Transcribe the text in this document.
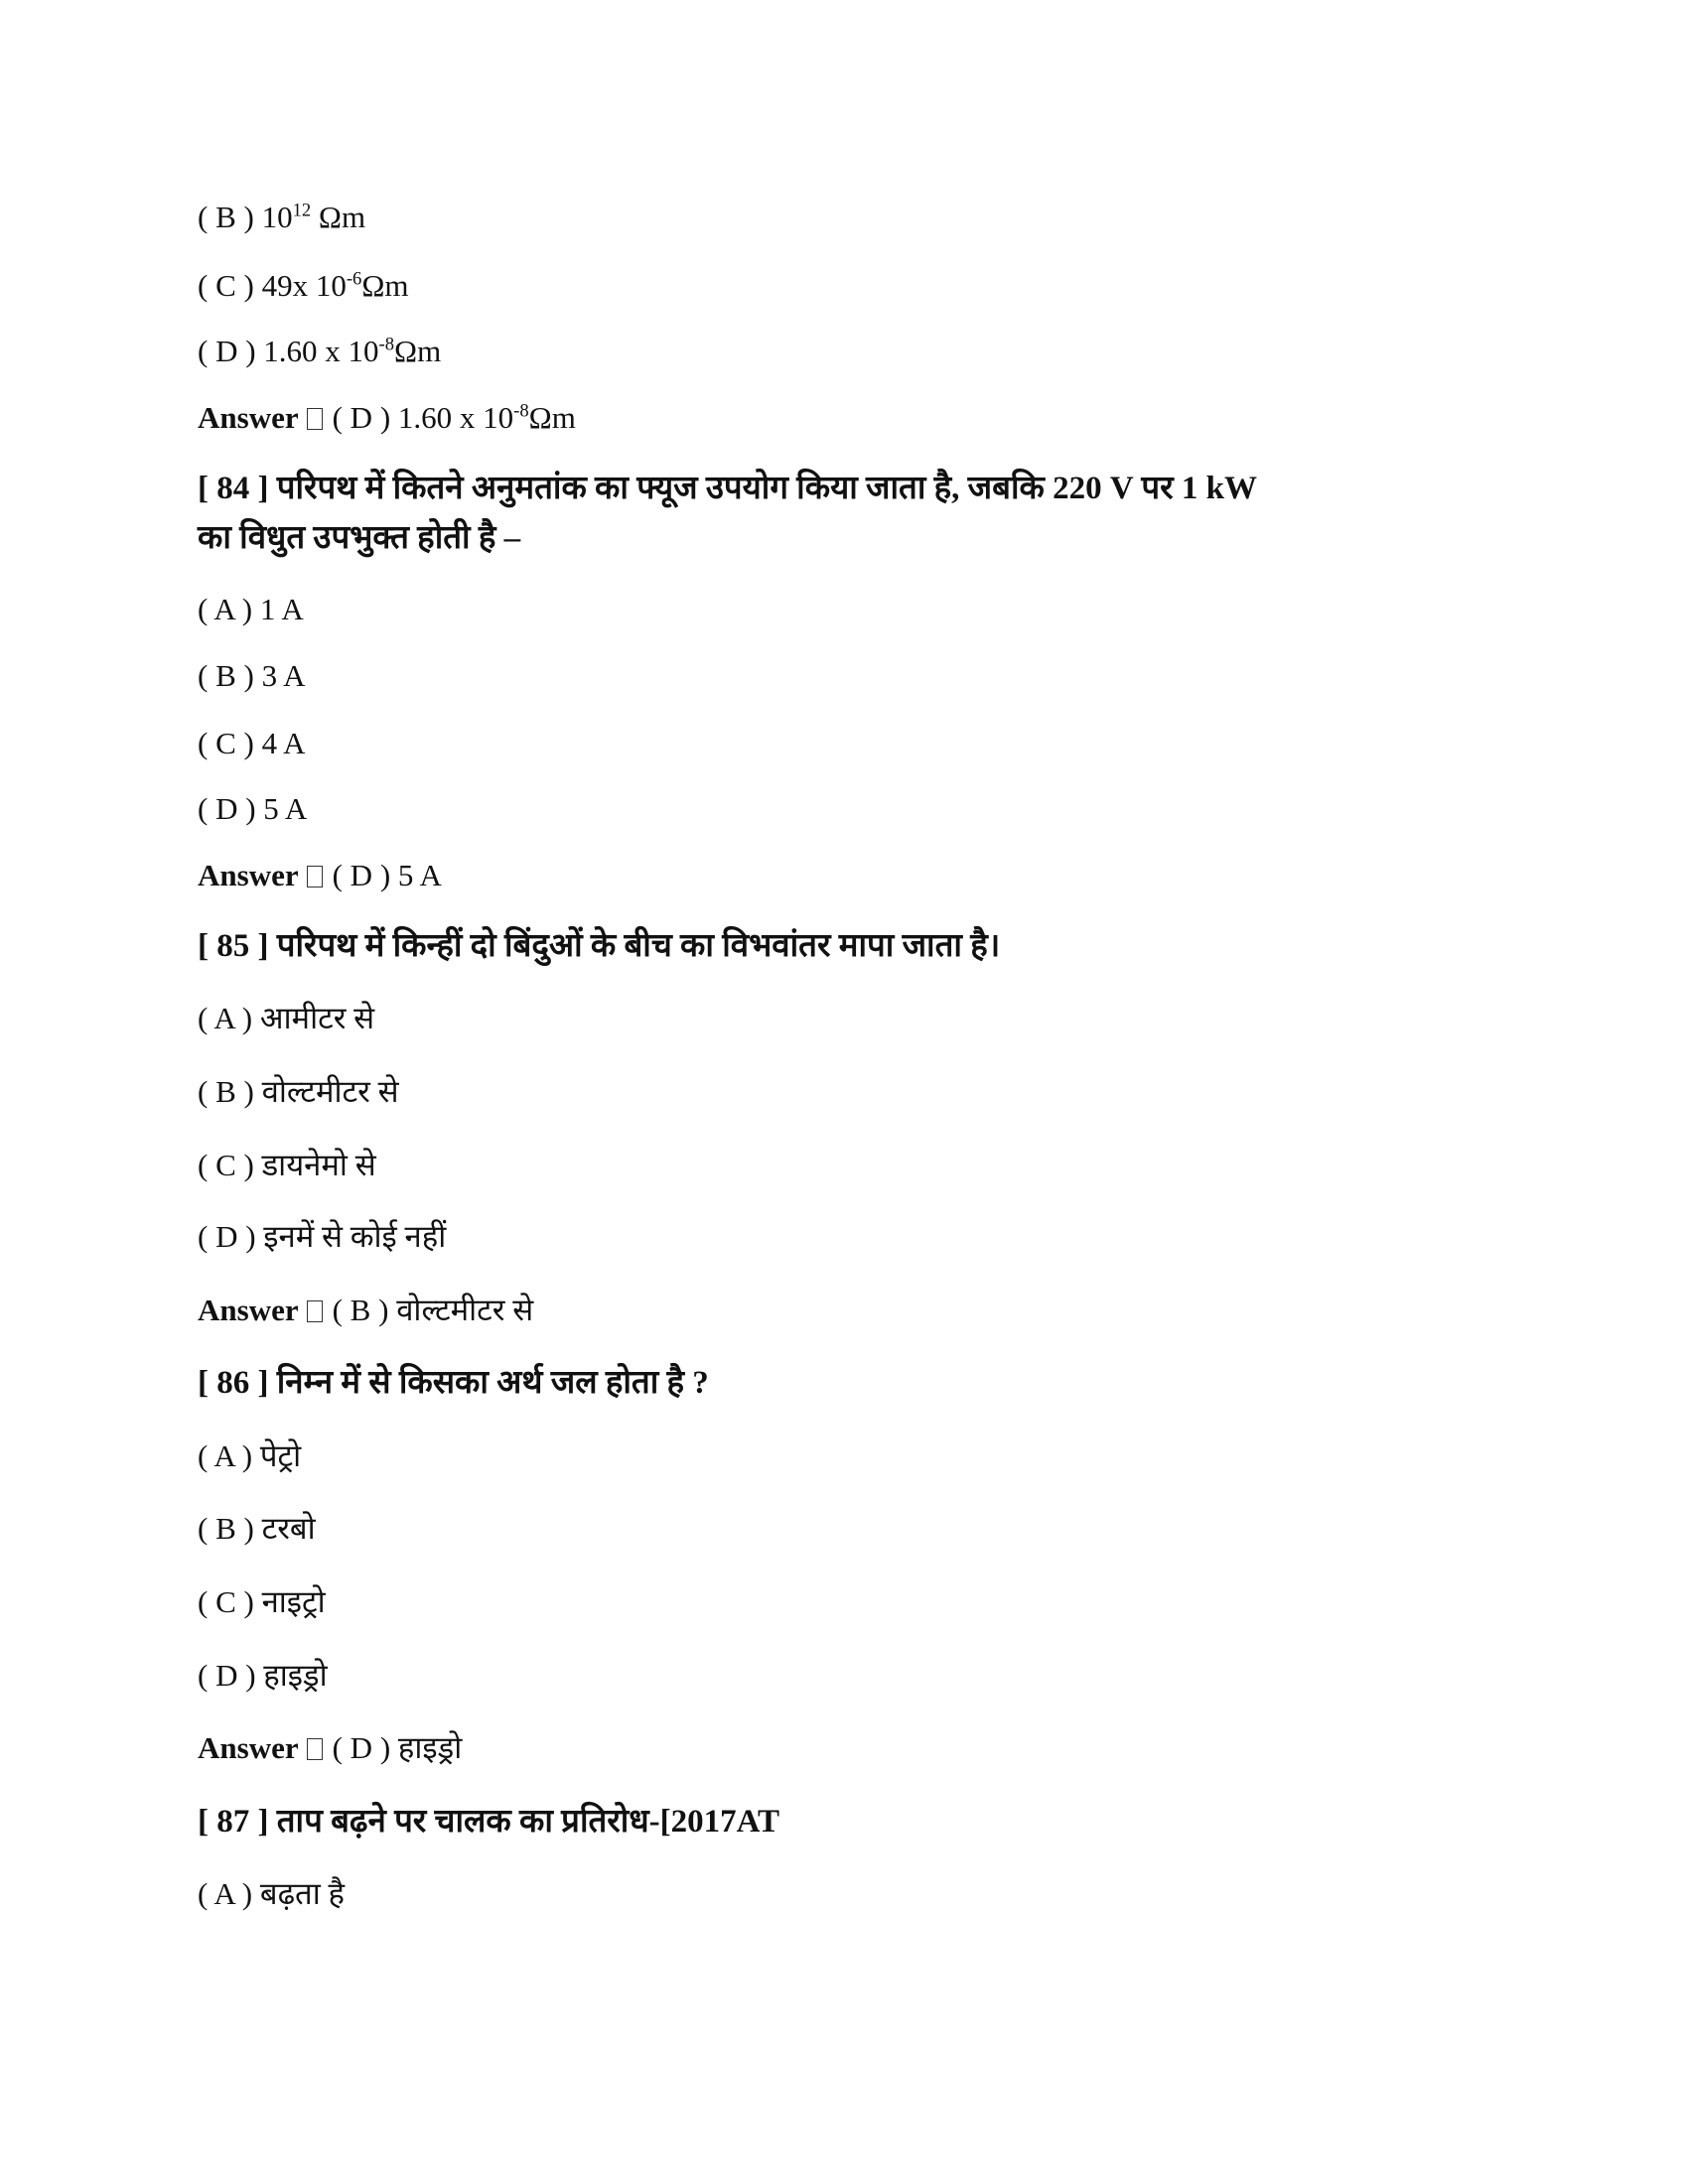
( B ) $10^{12}$ Ωm
( C ) 49x $10^{-6}\Omega m$
( D ) 1.60 x $10^{-8}\Omega m$
Answer ( D ) 1.60 x $10^{-8}\Omega m$
[ 84 ] परिपथ में कितने अनुमतांक का फ्यूज उपयोग किया जाता है, जबकि 220 V पर 1 kW
का विधुत उपभुक्त होती है –
( A ) 1 A
( B ) 3 A
( C ) 4 A
( D ) 5 A
Answer ( D ) 5 A
[ 85 ] परिपथ में किन्हीं दो बिंदुओं के बीच का विभवांतर मापा जाता है।
( A ) आमीटर से
( B ) वोल्टमीटर से
( C ) डायनेमो से
( D ) इनमें से कोई नहीं
Answer ( B ) वोल्टमीटर से
[ 86 ] निम्न में से किसका अर्थ जल होता है ?
( A ) पेट्रो
( B ) टरबो
( C ) नाइट्रो
( D ) हाइड्रो
Answer ( D ) हाइड्रो
[ 87 ] ताप बढ़ने पर चालक का प्रतिरोध-[2017AT
( A ) बढ़ता है
